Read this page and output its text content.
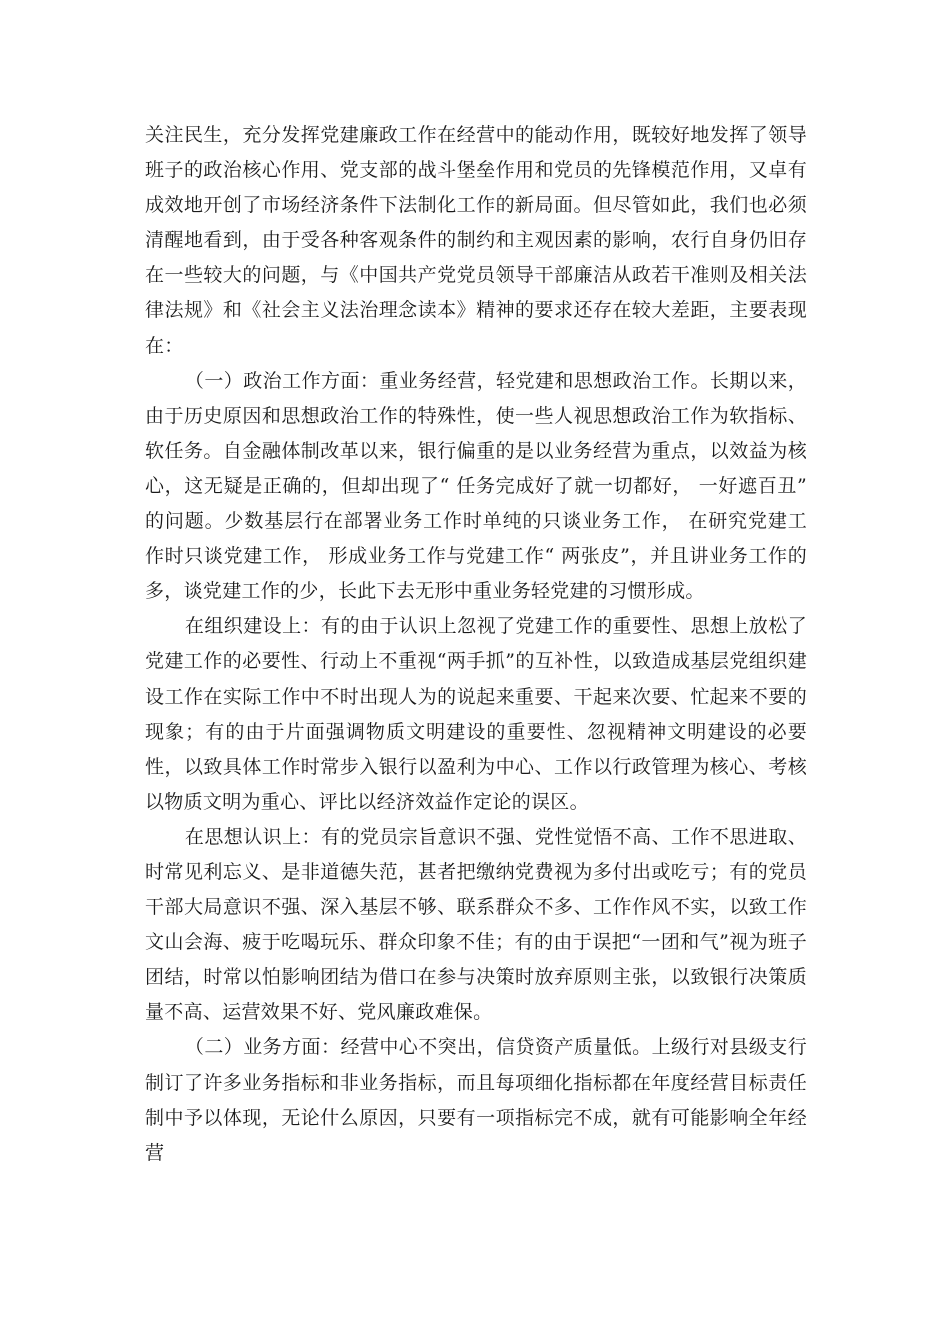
关注民生，充分发挥党建廉政工作在经营中的能动作用，既较好地发挥了领导班子的政治核心作用、党支部的战斗堡垒作用和党员的先锋模范作用，又卓有成效地开创了市场经济条件下法制化工作的新局面。但尽管如此，我们也必须清醒地看到，由于受各种客观条件的制约和主观因素的影响，农行自身仍旧存在一些较大的问题，与《中国共产党党员领导干部廉洁从政若干准则及相关法律法规》和《社会主义法治理念读本》精神的要求还存在较大差距，主要表现在：

（一）政治工作方面：重业务经营，轻党建和思想政治工作。长期以来，由于历史原因和思想政治工作的特殊性，使一些人视思想政治工作为软指标、软任务。自金融体制改革以来，银行偏重的是以业务经营为重点，以效益为核心，这无疑是正确的，但却出现了“ 任务完成好了就一切都好， 一好遮百丑” 的问题。少数基层行在部署业务工作时单纯的只谈业务工作， 在研究党建工作时只谈党建工作， 形成业务工作与党建工作“ 两张皮”，并且讲业务工作的多，谈党建工作的少，长此下去无形中重业务轻党建的习惯形成。

在组织建设上：有的由于认识上忽视了党建工作的重要性、思想上放松了党建工作的必要性、行动上不重视“两手抓”的互补性，以致造成基层党组织建设工作在实际工作中不时出现人为的说起来重要、干起来次要、忙起来不要的现象；有的由于片面强调物质文明建设的重要性、忽视精神文明建设的必要性，以致具体工作时常步入银行以盈利为中心、工作以行政管理为核心、考核以物质文明为重心、评比以经济效益作定论的误区。

在思想认识上：有的党员宗旨意识不强、党性觉悟不高、工作不思进取、时常见利忘义、是非道德失范，甚者把缴纳党费视为多付出或吃亏；有的党员干部大局意识不强、深入基层不够、联系群众不多、工作作风不实，以致工作文山会海、疲于吃喝玩乐、群众印象不佳；有的由于误把“一团和气”视为班子团结，时常以怕影响团结为借口在参与决策时放弃原则主张，以致银行决策质量不高、运营效果不好、党风廉政难保。

（二）业务方面：经营中心不突出，信贷资产质量低。上级行对县级支行制订了许多业务指标和非业务指标，而且每项细化指标都在年度经营目标责任制中予以体现，无论什么原因，只要有一项指标完不成，就有可能影响全年经营
